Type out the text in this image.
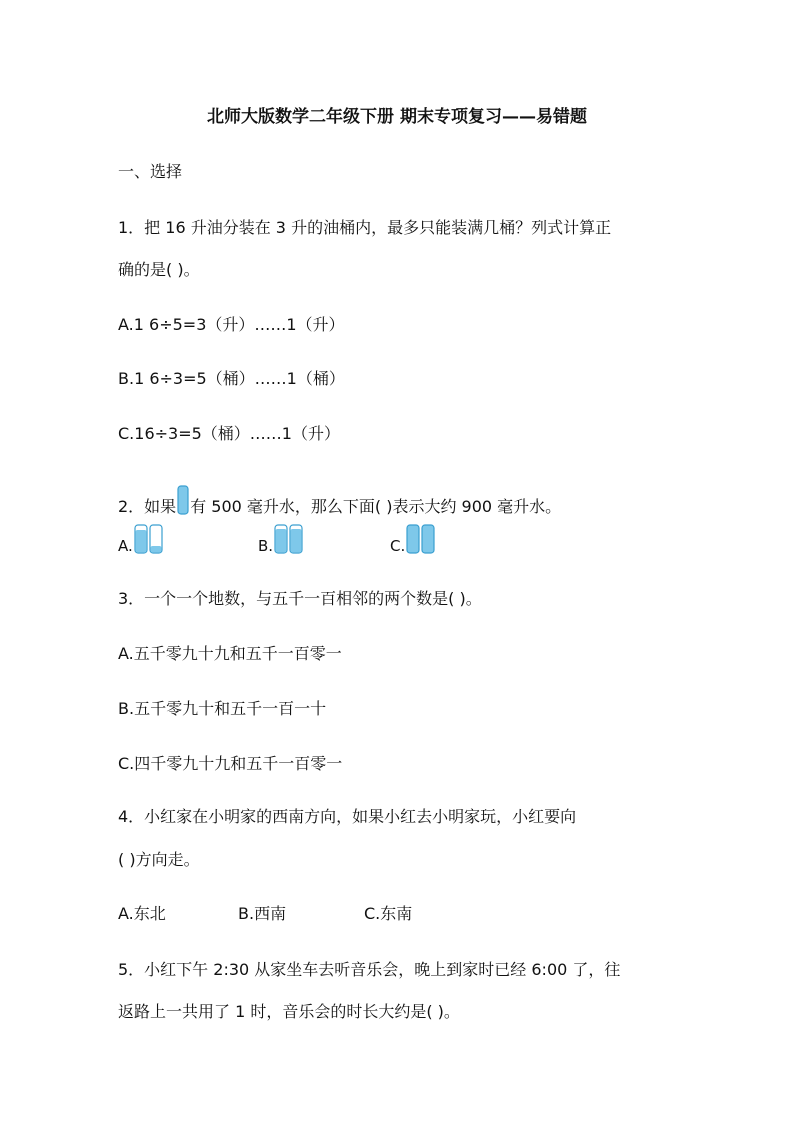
北师大版数学二年级下册 期末专项复习——易错题
一、选择
1．把 16 升油分装在 3 升的油桶内，最多只能装满几桶？列式计算正
确的是( )。
A.1 6÷5=3（升）……1（升）
B.1 6÷3=5（桶）……1（桶）
C.16÷3=5（桶）……1（升）
2．如果 有 500 毫升水，那么下面( )表示大约 900 毫升水。
A.	B.	C.
3．一个一个地数，与五千一百相邻的两个数是( )。
A.五千零九十九和五千一百零一
B.五千零九十和五千一百一十
C.四千零九十九和五千一百零一
4．小红家在小明家的西南方向，如果小红去小明家玩，小红要向
( )方向走。
A.东北	B.西南	C.东南
5．小红下午 2:30 从家坐车去听音乐会，晚上到家时已经 6:00 了，往
返路上一共用了 1 时，音乐会的时长大约是( )。
